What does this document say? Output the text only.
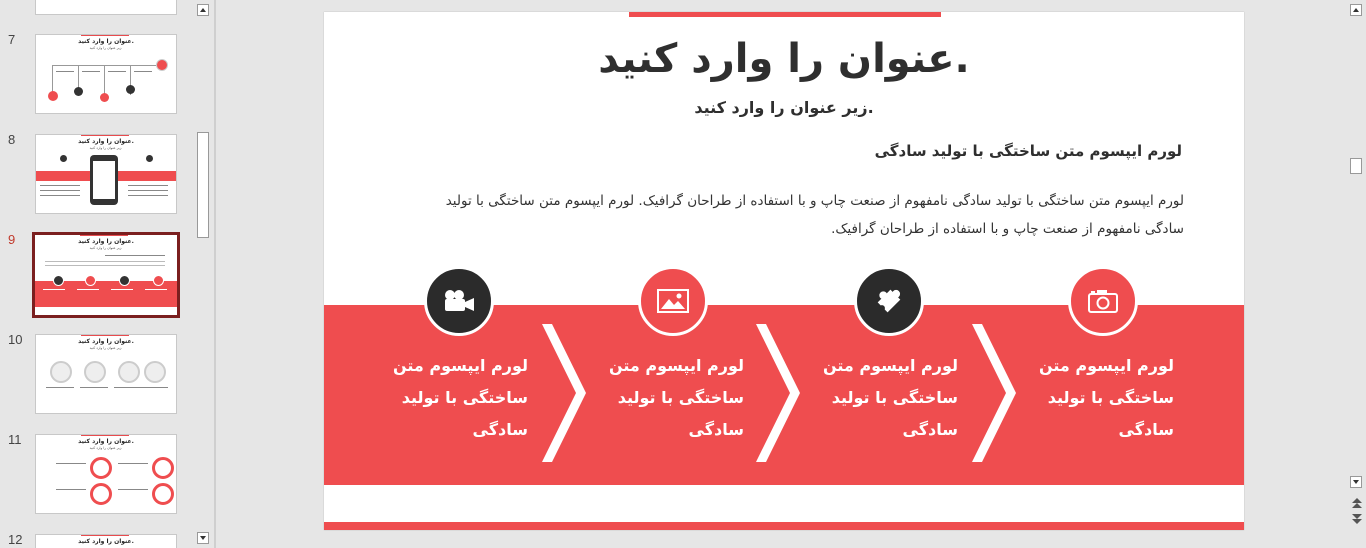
7	عنوان را وارد کنید.
زیر عنوان را وارد کنید.
8	عنوان را وارد کنید.
زیر عنوان را وارد کنید.
9	عنوان را وارد کنید.
زیر عنوان را وارد کنید.
10	عنوان را وارد کنید.
زیر عنوان را وارد کنید.
11	عنوان را وارد کنید.
زیر عنوان را وارد کنید.
12	عنوان را وارد کنید.
عنوان را وارد کنید.
زیر عنوان را وارد کنید.
لورم ایپسوم متن ساختگی با تولید سادگی
لورم ایپسوم متن ساختگی با تولید سادگی نامفهوم از صنعت چاپ و با استفاده از طراحان گرافیک. لورم ایپسوم متن ساختگی با تولید سادگی نامفهوم از صنعت چاپ و با استفاده از طراحان گرافیک.
لورم ایپسوم متن ساختگی با تولید سادگی
لورم ایپسوم متن ساختگی با تولید سادگی
لورم ایپسوم متن ساختگی با تولید سادگی
لورم ایپسوم متن ساختگی با تولید سادگی
